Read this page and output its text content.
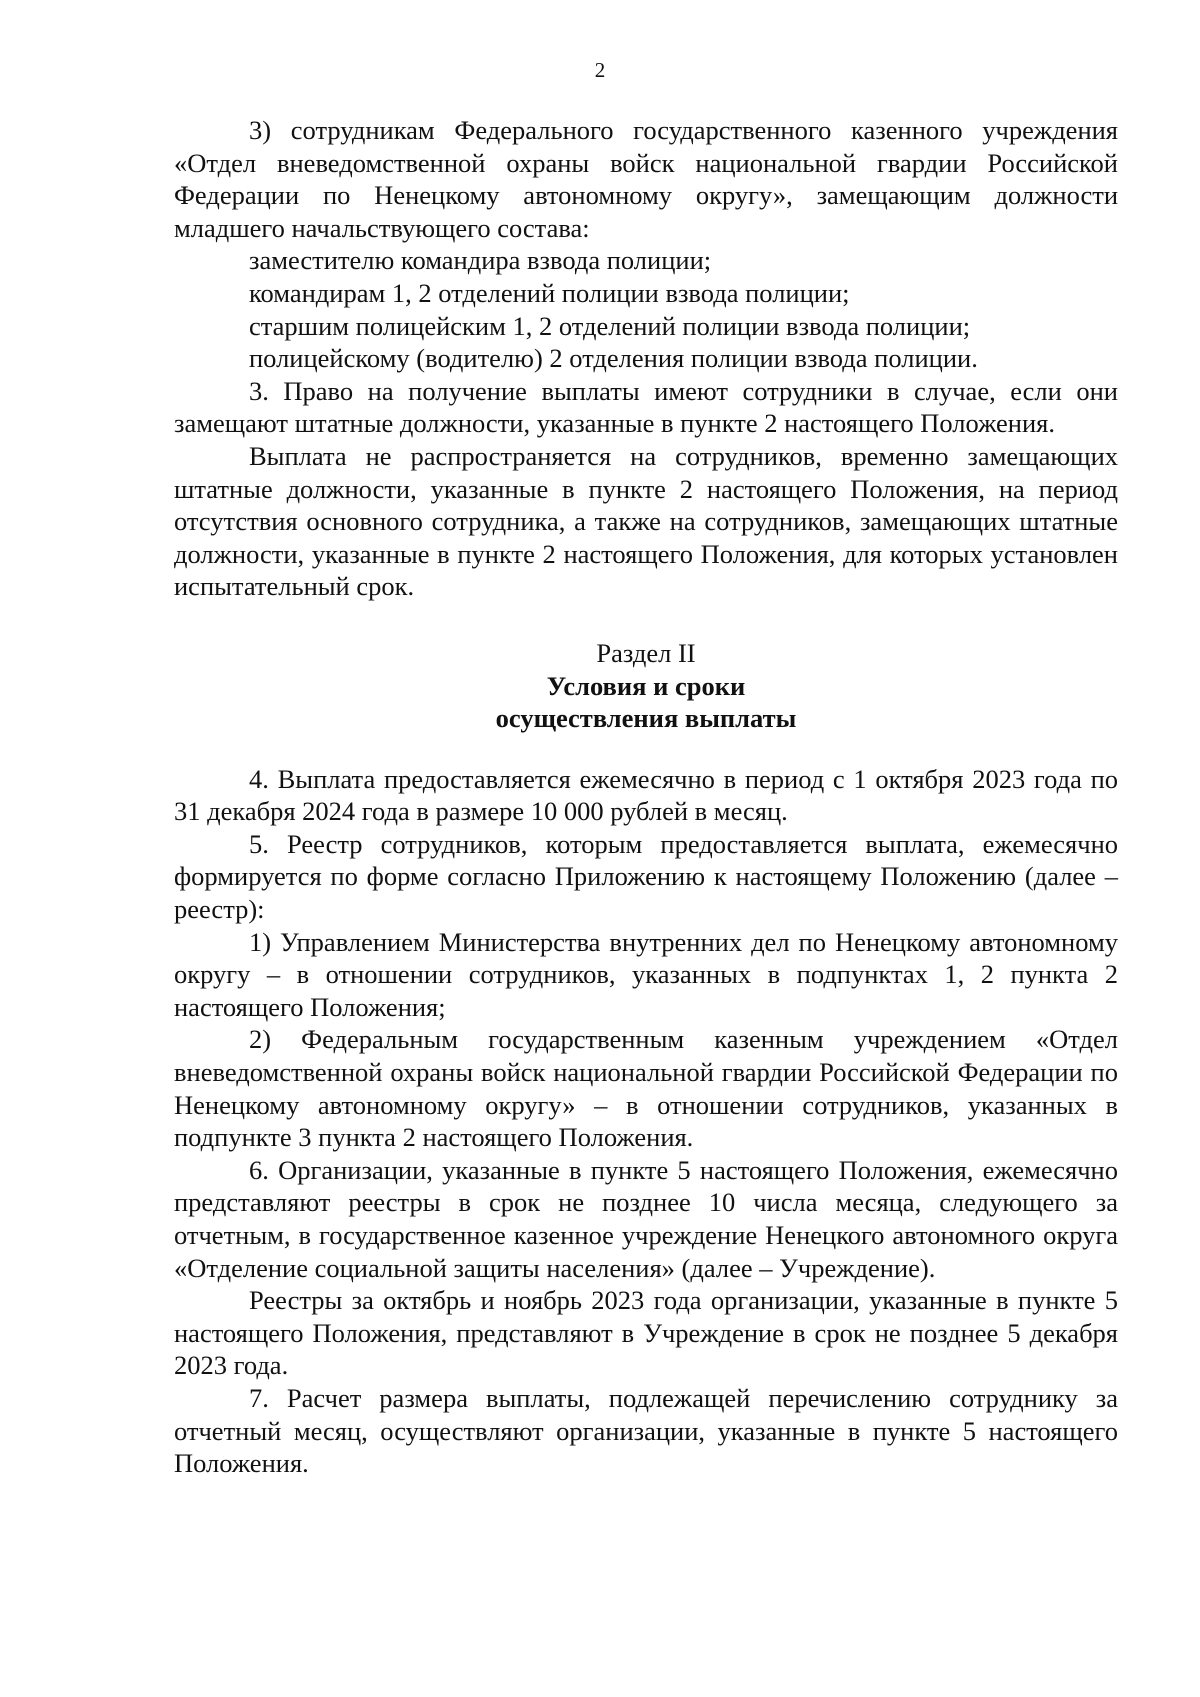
2

3) сотрудникам Федерального государственного казенного учреждения «Отдел вневедомственной охраны войск национальной гвардии Российской Федерации по Ненецкому автономному округу», замещающим должности младшего начальствующего состава:

заместителю командира взвода полиции;
командирам 1, 2 отделений полиции взвода полиции;
старшим полицейским 1, 2 отделений полиции взвода полиции;
полицейскому (водителю) 2 отделения полиции взвода полиции.

3. Право на получение выплаты имеют сотрудники в случае, если они замещают штатные должности, указанные в пункте 2 настоящего Положения.

Выплата не распространяется на сотрудников, временно замещающих штатные должности, указанные в пункте 2 настоящего Положения, на период отсутствия основного сотрудника, а также на сотрудников, замещающих штатные должности, указанные в пункте 2 настоящего Положения, для которых установлен испытательный срок.

Раздел II
Условия и сроки
осуществления выплаты

4. Выплата предоставляется ежемесячно в период с 1 октября 2023 года по 31 декабря 2024 года в размере 10 000 рублей в месяц.

5. Реестр сотрудников, которым предоставляется выплата, ежемесячно формируется по форме согласно Приложению к настоящему Положению (далее – реестр):

1) Управлением Министерства внутренних дел по Ненецкому автономному округу – в отношении сотрудников, указанных в подпунктах 1, 2 пункта 2 настоящего Положения;

2) Федеральным государственным казенным учреждением «Отдел вневедомственной охраны войск национальной гвардии Российской Федерации по Ненецкому автономному округу» – в отношении сотрудников, указанных в подпункте 3 пункта 2 настоящего Положения.

6. Организации, указанные в пункте 5 настоящего Положения, ежемесячно представляют реестры в срок не позднее 10 числа месяца, следующего за отчетным, в государственное казенное учреждение Ненецкого автономного округа «Отделение социальной защиты населения» (далее – Учреждение).

Реестры за октябрь и ноябрь 2023 года организации, указанные в пункте 5 настоящего Положения, представляют в Учреждение в срок не позднее 5 декабря 2023 года.

7. Расчет размера выплаты, подлежащей перечислению сотруднику за отчетный месяц, осуществляют организации, указанные в пункте 5 настоящего Положения.
